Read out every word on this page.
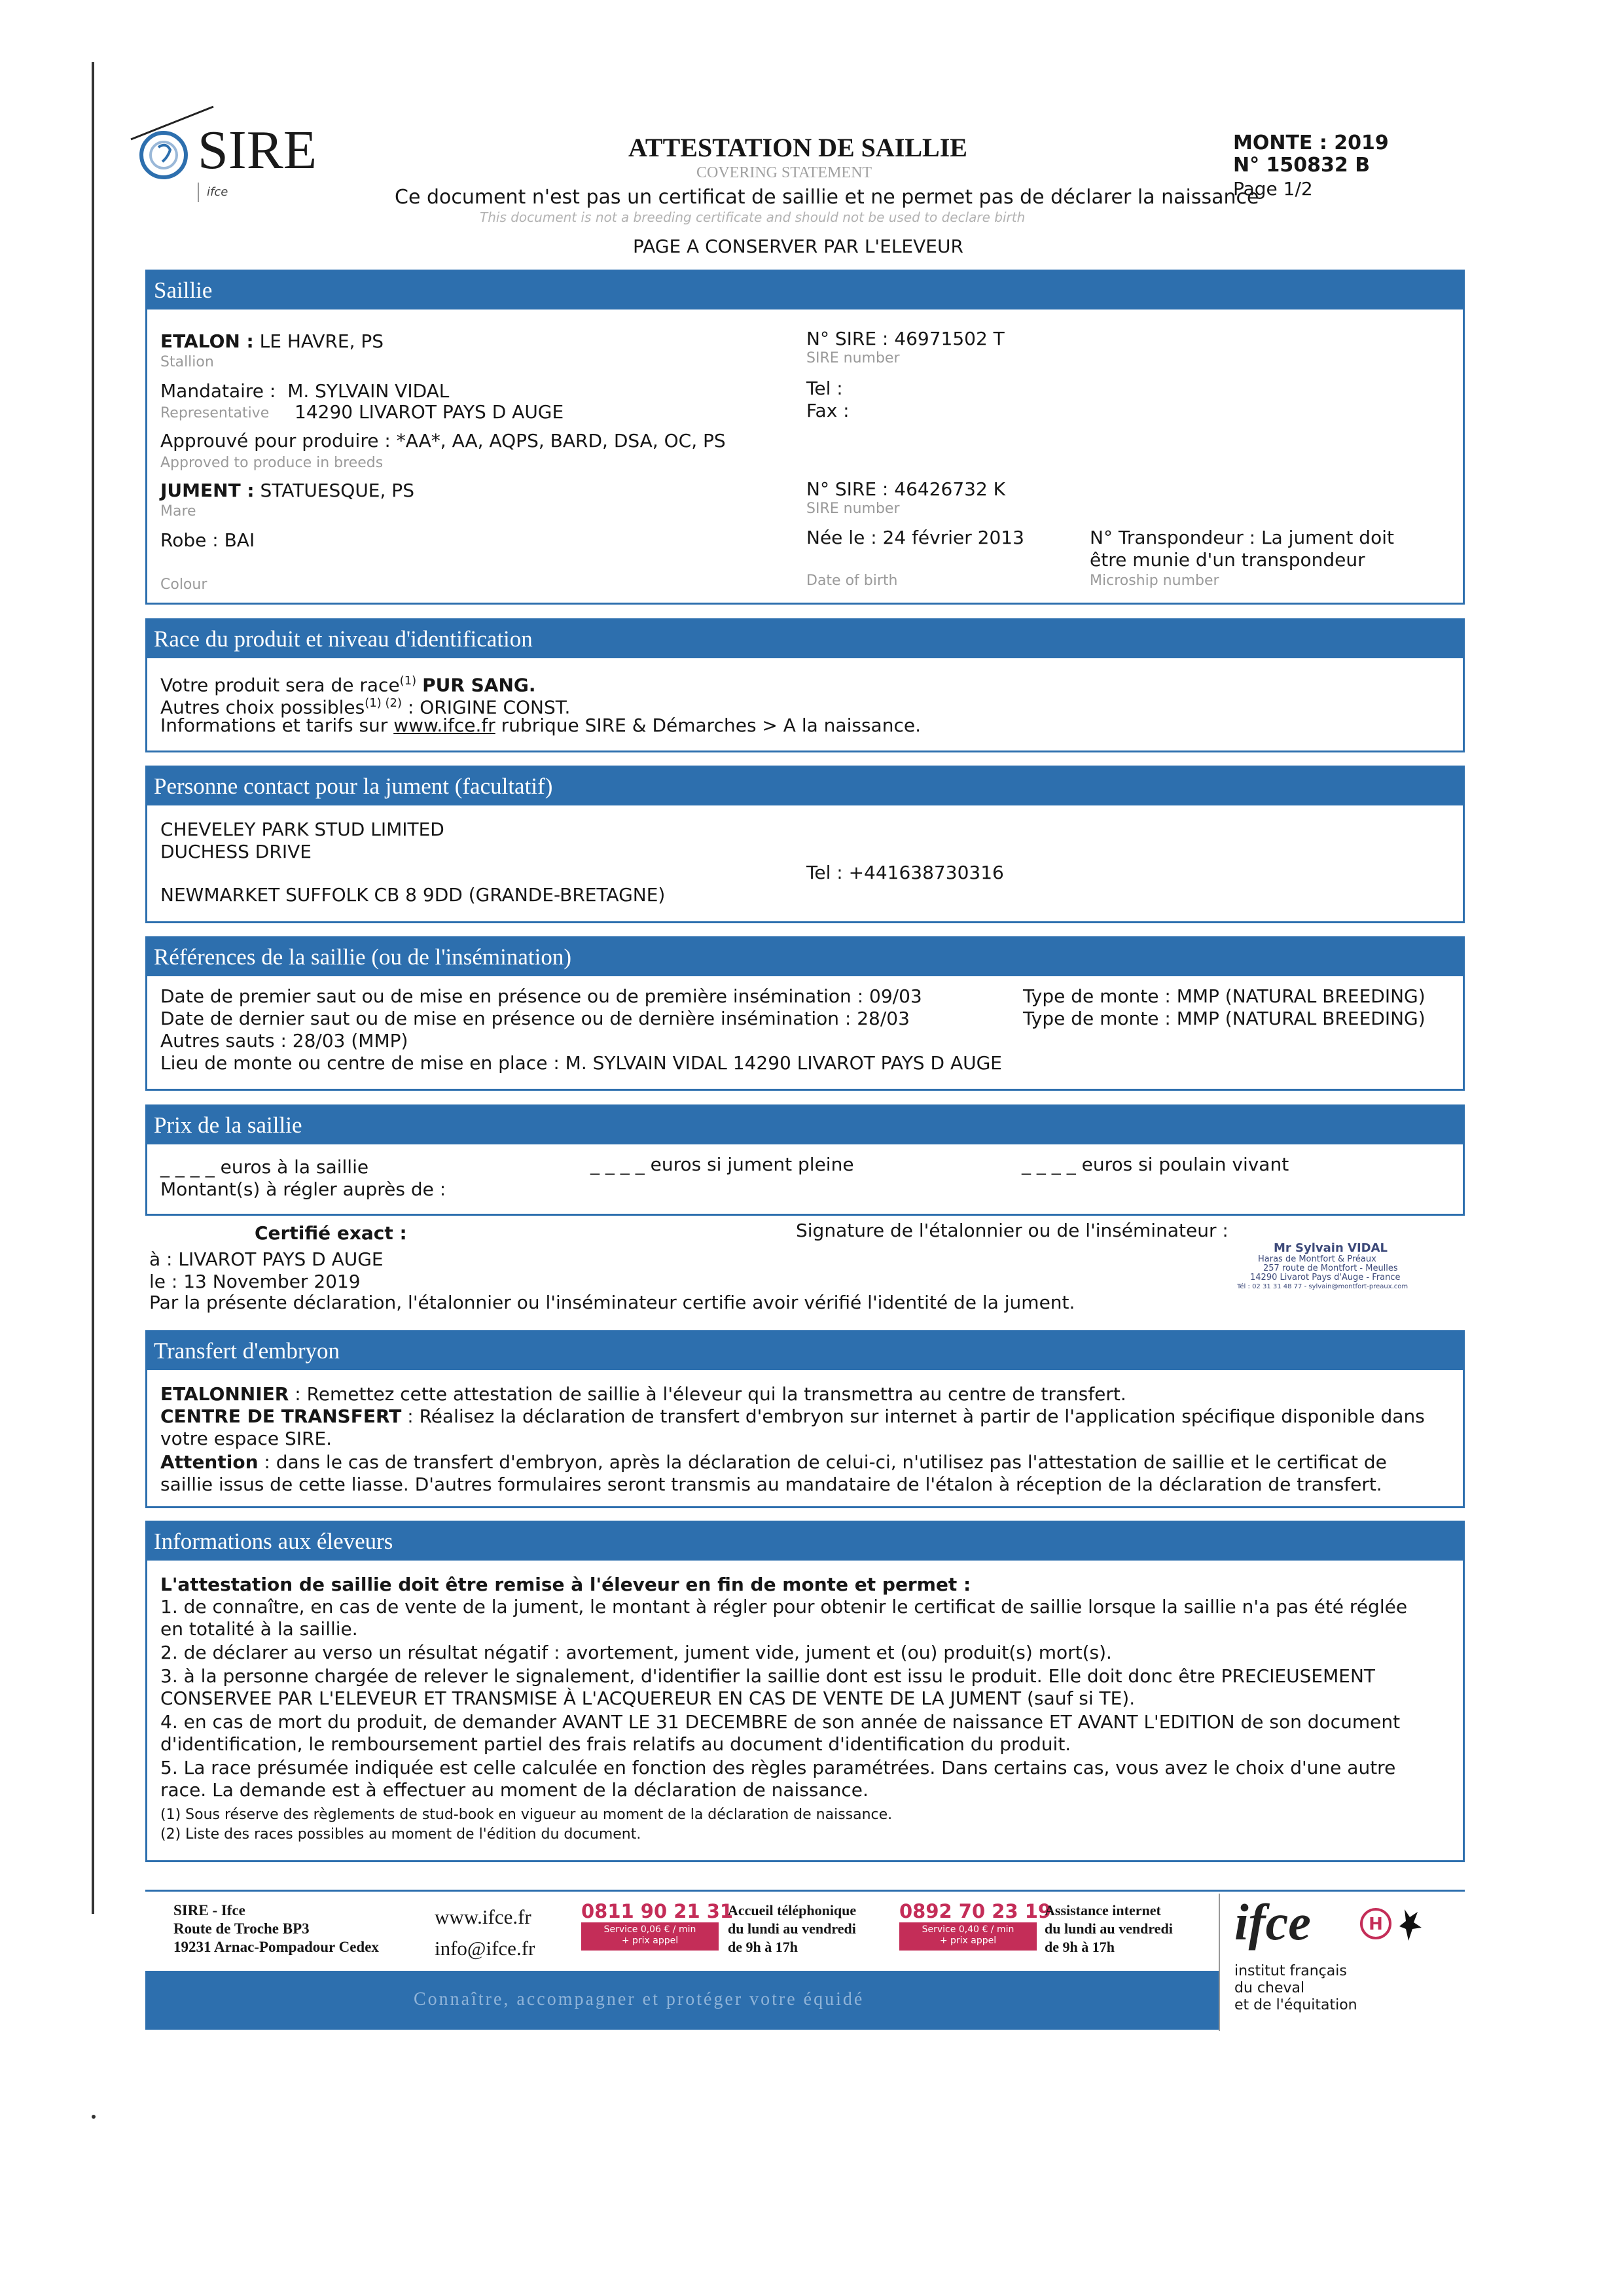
SIRE
ifce
ATTESTATION DE SAILLIE
COVERING STATEMENT
Ce document n'est pas un certificat de saillie et ne permet pas de déclarer la naissance
This document is not a breeding certificate and should not be used to declare birth
PAGE A CONSERVER PAR L'ELEVEUR
MONTE : 2019
N° 150832 B
Page 1/2
Saillie
ETALON : LE HAVRE, PS
Stallion
N° SIRE : 46971502 T
SIRE number
Mandataire : M. SYLVAIN VIDAL
Representative 14290 LIVAROT PAYS D AUGE
Tel :
Fax :
Approuvé pour produire : *AA*, AA, AQPS, BARD, DSA, OC, PS
Approved to produce in breeds
JUMENT : STATUESQUE, PS
Mare
N° SIRE : 46426732 K
SIRE number
Robe : BAI
Colour
Née le : 24 février 2013
Date of birth
N° Transpondeur : La jument doit
être munie d'un transpondeur
Microship number
Race du produit et niveau d'identification
Votre produit sera de race$^{(1)}$ PUR SANG.
Autres choix possibles$^{(1) (2)}$ : ORIGINE CONST.
Informations et tarifs sur www.ifce.fr rubrique SIRE & Démarches > A la naissance.
Personne contact pour la jument (facultatif)
CHEVELEY PARK STUD LIMITED
DUCHESS DRIVE
NEWMARKET SUFFOLK CB 8 9DD (GRANDE-BRETAGNE)
Tel : +441638730316
Références de la saillie (ou de l'insémination)
Date de premier saut ou de mise en présence ou de première insémination : 09/03
Date de dernier saut ou de mise en présence ou de dernière insémination : 28/03
Autres sauts : 28/03 (MMP)
Lieu de monte ou centre de mise en place : M. SYLVAIN VIDAL 14290 LIVAROT PAYS D AUGE
Type de monte : MMP (NATURAL BREEDING)
Type de monte : MMP (NATURAL BREEDING)
Prix de la saillie
_ _ _ _ euros à la saillie	_ _ _ _ euros si jument pleine	_ _ _ _ euros si poulain vivant
Montant(s) à régler auprès de :
Certifié exact :
à : LIVAROT PAYS D AUGE
le : 13 November 2019
Par la présente déclaration, l'étalonnier ou l'inséminateur certifie avoir vérifié l'identité de la jument.
Signature de l'étalonnier ou de l'inséminateur :
Mr Sylvain VIDAL
Haras de Montfort & Préaux
257 route de Montfort - Meulles
14290 Livarot Pays d'Auge - France
Tél : 02 31 31 48 77 - sylvain@montfort-preaux.com
Transfert d'embryon
ETALONNIER : Remettez cette attestation de saillie à l'éleveur qui la transmettra au centre de transfert.
CENTRE DE TRANSFERT : Réalisez la déclaration de transfert d'embryon sur internet à partir de l'application spécifique disponible dans
votre espace SIRE.
Attention : dans le cas de transfert d'embryon, après la déclaration de celui-ci, n'utilisez pas l'attestation de saillie et le certificat de
saillie issus de cette liasse. D'autres formulaires seront transmis au mandataire de l'étalon à réception de la déclaration de transfert.
Informations aux éleveurs
L'attestation de saillie doit être remise à l'éleveur en fin de monte et permet :
1. de connaître, en cas de vente de la jument, le montant à régler pour obtenir le certificat de saillie lorsque la saillie n'a pas été réglée
en totalité à la saillie.
2. de déclarer au verso un résultat négatif : avortement, jument vide, jument et (ou) produit(s) mort(s).
3. à la personne chargée de relever le signalement, d'identifier la saillie dont est issu le produit. Elle doit donc être PRECIEUSEMENT
CONSERVEE PAR L'ELEVEUR ET TRANSMISE À L'ACQUEREUR EN CAS DE VENTE DE LA JUMENT (sauf si TE).
4. en cas de mort du produit, de demander AVANT LE 31 DECEMBRE de son année de naissance ET AVANT L'EDITION de son document
d'identification, le remboursement partiel des frais relatifs au document d'identification du produit.
5. La race présumée indiquée est celle calculée en fonction des règles paramétrées. Dans certains cas, vous avez le choix d'une autre
race. La demande est à effectuer au moment de la déclaration de naissance.
(1) Sous réserve des règlements de stud-book en vigueur au moment de la déclaration de naissance.
(2) Liste des races possibles au moment de l'édition du document.
SIRE - Ifce
Route de Troche BP3
19231 Arnac-Pompadour Cedex
www.ifce.fr
info@ifce.fr
0811 90 21 31
Service 0,06 € / min
+ prix appel
Accueil téléphonique
du lundi au vendredi
de 9h à 17h
0892 70 23 19
Service 0,40 € / min
+ prix appel
Assistance internet
du lundi au vendredi
de 9h à 17h
Connaître, accompagner et protéger votre équidé
ifce	H
institut français
du cheval
et de l'équitation
